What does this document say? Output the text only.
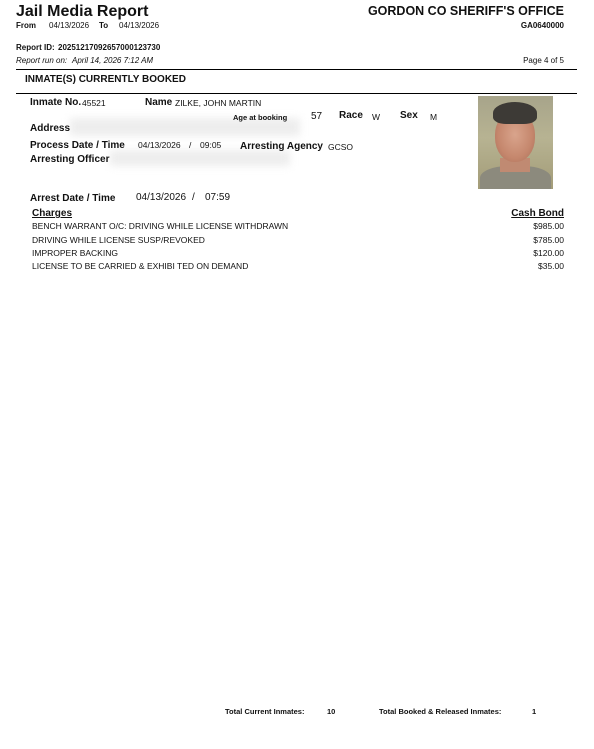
Jail Media Report	GORDON CO SHERIFF'S OFFICE
From 04/13/2026 To 04/13/2026	GA0640000
Report ID: 20251217092657000123730
Report run on: April 14, 2026 7:12 AM	Page 4 of 5
INMATE(S) CURRENTLY BOOKED
Inmate No. 45521	Name ZILKE, JOHN MARTIN
Age at booking 57 Race W Sex M
Address
Process Date / Time 04/13/2026 / 09:05 Arresting Agency GCSO
Arresting Officer
Arrest Date / Time 04/13/2026 / 07:59
Charges	Cash Bond
BENCH WARRANT O/C: DRIVING WHILE LICENSE WITHDRAWN	$985.00
DRIVING WHILE LICENSE SUSP/REVOKED	$785.00
IMPROPER BACKING	$120.00
LICENSE TO BE CARRIED & EXHIBI TED ON DEMAND	$35.00
Total Current Inmates:	10	Total Booked & Released Inmates:	1
